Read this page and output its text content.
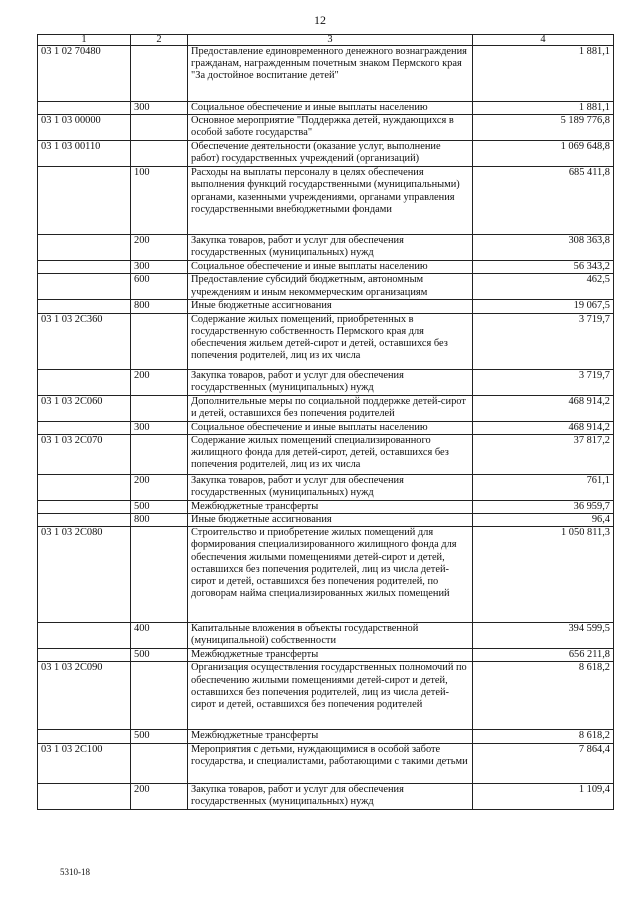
12
1	2	3	4
03 1 02 70480		Предоставление единовременного денежного вознаграждения гражданам, награжденным почетным знаком Пермского края "За достойное воспитание детей"	1 881,1
	300	Социальное обеспечение и иные выплаты населению	1 881,1
03 1 03 00000		Основное мероприятие "Поддержка детей, нуждающихся в особой заботе государства"	5 189 776,8
03 1 03 00110		Обеспечение деятельности (оказание услуг, выполнение работ) государственных учреждений (организаций)	1 069 648,8
	100	Расходы на выплаты персоналу в целях обеспечения выполнения функций государственными (муниципальными) органами, казенными учреждениями, органами управления государственными внебюджетными фондами	685 411,8
	200	Закупка товаров, работ и услуг для обеспечения государственных (муниципальных) нужд	308 363,8
	300	Социальное обеспечение и иные выплаты населению	56 343,2
	600	Предоставление субсидий бюджетным, автономным учреждениям и иным некоммерческим организациям	462,5
	800	Иные бюджетные ассигнования	19 067,5
03 1 03 2С360		Содержание жилых помещений, приобретенных в государственную собственность Пермского края для обеспечения жильем детей-сирот и детей, оставшихся без попечения родителей, лиц из их числа	3 719,7
	200	Закупка товаров, работ и услуг для обеспечения государственных (муниципальных) нужд	3 719,7
03 1 03 2С060		Дополнительные меры по социальной поддержке детей-сирот и детей, оставшихся без попечения родителей	468 914,2
	300	Социальное обеспечение и иные выплаты населению	468 914,2
03 1 03 2С070		Содержание жилых помещений специализированного жилищного фонда для детей-сирот, детей, оставшихся без попечения родителей, лиц из их числа	37 817,2
	200	Закупка товаров, работ и услуг для обеспечения государственных (муниципальных) нужд	761,1
	500	Межбюджетные трансферты	36 959,7
	800	Иные бюджетные ассигнования	96,4
03 1 03 2С080		Строительство и приобретение жилых помещений для формирования специализированного жилищного фонда для обеспечения жилыми помещениями детей-сирот и детей, оставшихся без попечения родителей, лиц из числа детей-сирот и детей, оставшихся без попечения родителей, по договорам найма специализированных жилых помещений	1 050 811,3
	400	Капитальные вложения в объекты государственной (муниципальной) собственности	394 599,5
	500	Межбюджетные трансферты	656 211,8
03 1 03 2С090		Организация осуществления государственных полномочий по обеспечению жилыми помещениями детей-сирот и детей, оставшихся без попечения родителей, лиц из числа детей-сирот и детей, оставшихся без попечения родителей	8 618,2
	500	Межбюджетные трансферты	8 618,2
03 1 03 2С100		Мероприятия с детьми, нуждающимися в особой заботе государства, и специалистами, работающими с такими детьми	7 864,4
	200	Закупка товаров, работ и услуг для обеспечения государственных (муниципальных) нужд	1 109,4
5310-18
